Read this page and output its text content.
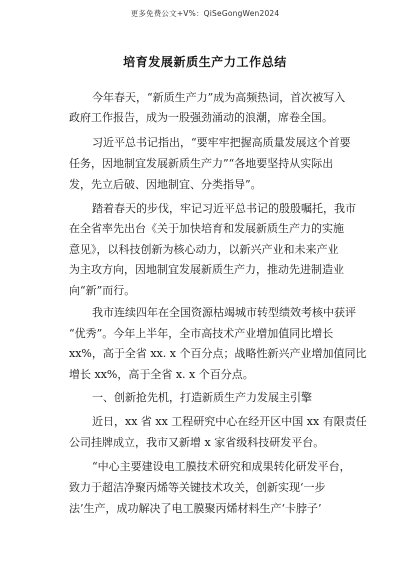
更多免费公文+V%：QiSeGongWen2024
培育发展新质生产力工作总结
今年春天，“新质生产力”成为高频热词，首次被写入
政府工作报告，成为一股强劲涌动的浪潮，席卷全国。
习近平总书记指出，“要牢牢把握高质量发展这个首要
任务，因地制宜发展新质生产力”“各地要坚持从实际出
发，先立后破、因地制宜、分类指导”。
踏着春天的步伐，牢记习近平总书记的殷殷嘱托，我市
在全省率先出台《关于加快培育和发展新质生产力的实施
意见》，以科技创新为核心动力，以新兴产业和未来产业
为主攻方向，因地制宜发展新质生产力，推动先进制造业
向“新”而行。
我市连续四年在全国资源枯竭城市转型绩效考核中获评
“优秀”。今年上半年，全市高技术产业增加值同比增长
xx%，高于全省 xx. x 个百分点；战略性新兴产业增加值同比
增长 xx%，高于全省 x. x 个百分点。
一、创新抢先机，打造新质生产力发展主引擎
近日，xx 省 xx 工程研究中心在经开区中国 xx 有限责任
公司挂牌成立，我市又新增 x 家省级科技研发平台。
“中心主要建设电工膜技术研究和成果转化研发平台，
致力于超洁净聚丙烯等关键技术攻关，创新实现‘一步
法’生产，成功解决了电工膜聚丙烯材料生产‘卡脖子’
